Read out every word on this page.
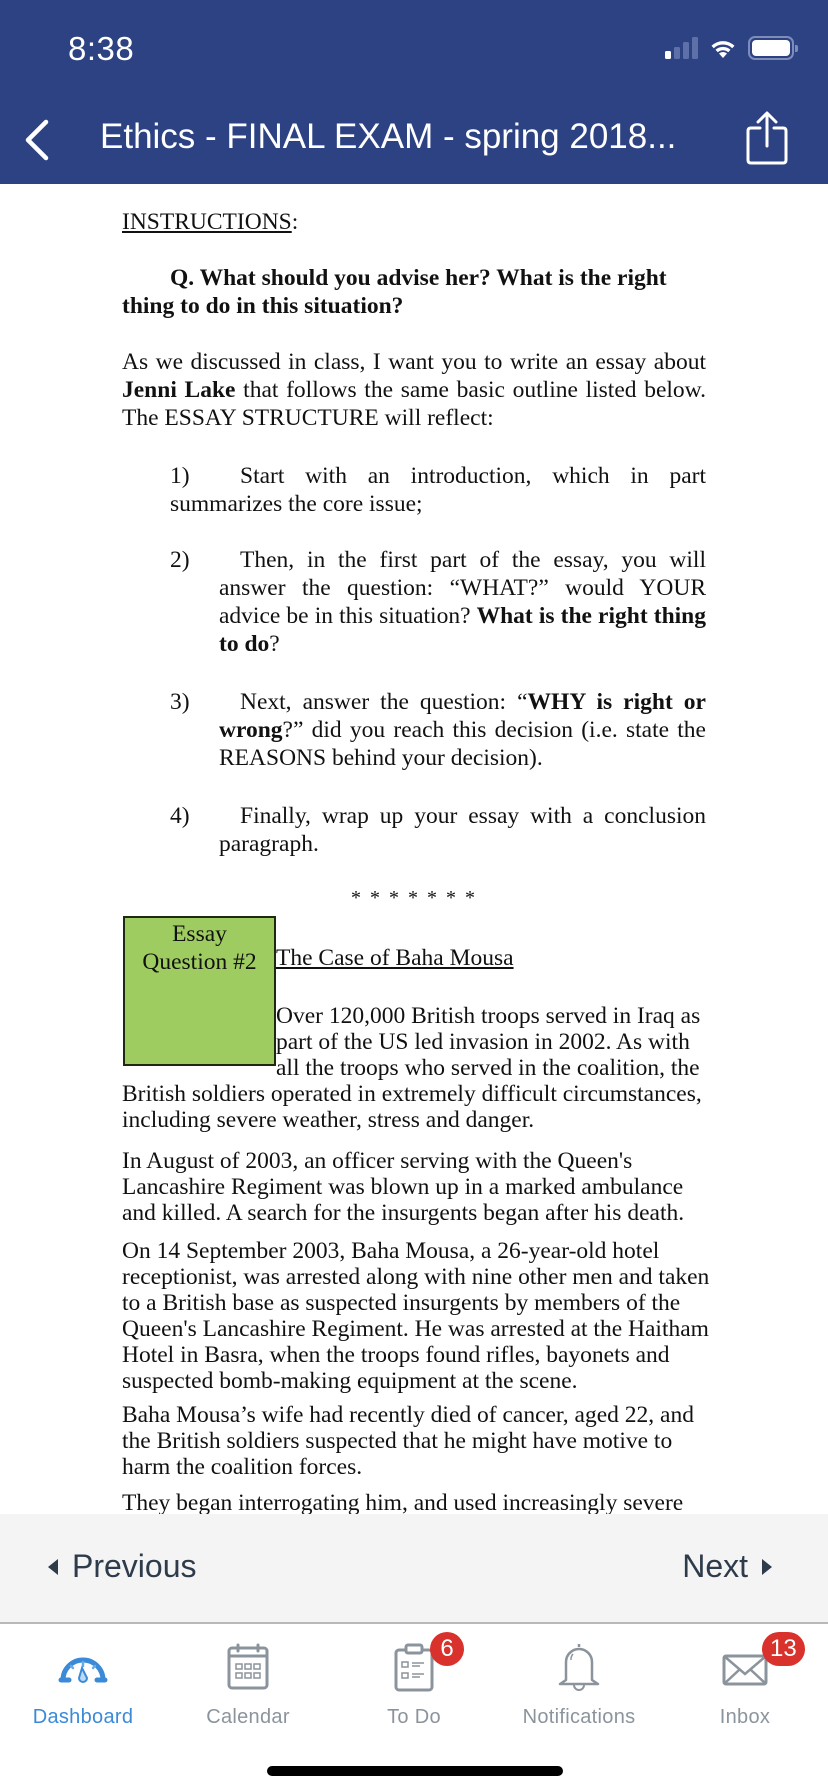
8:38
Ethics - FINAL EXAM - spring 2018...

INSTRUCTIONS:

Q. What should you advise her? What is the right thing to do in this situation?

As we discussed in class, I want you to write an essay about Jenni Lake that follows the same basic outline listed below. The ESSAY STRUCTURE will reflect:

1) Start with an introduction, which in part summarizes the core issue;

2)	Then, in the first part of the essay, you will answer the question: “WHAT?” would YOUR advice be in this situation? What is the right thing to do?

3)	Next, answer the question: “WHY is right or wrong?” did you reach this decision (i.e. state the REASONS behind your decision).

4)	Finally, wrap up your essay with a conclusion paragraph.

* * * * * * *

Essay
Question #2 The Case of Baha Mousa

Over 120,000 British troops served in Iraq as

part of the US led invasion in 2002. As with

all the troops who served in the coalition, the

British soldiers operated in extremely difficult circumstances,

including severe weather, stress and danger.

In August of 2003, an officer serving with the Queen's Lancashire Regiment was blown up in a marked ambulance and killed. A search for the insurgents began after his death.

On 14 September 2003, Baha Mousa, a 26-year-old hotel receptionist, was arrested along with nine other men and taken to a British base as suspected insurgents by members of the Queen's Lancashire Regiment. He was arrested at the Haitham Hotel in Basra, when the troops found rifles, bayonets and suspected bomb-making equipment at the scene.

Baha Mousa’s wife had recently died of cancer, aged 22, and the British soldiers suspected that he might have motive to harm the coalition forces.

They began interrogating him, and used increasingly severe

Previous	Next
Dashboard	Calendar
6
To Do	Notifications
13
Inbox
